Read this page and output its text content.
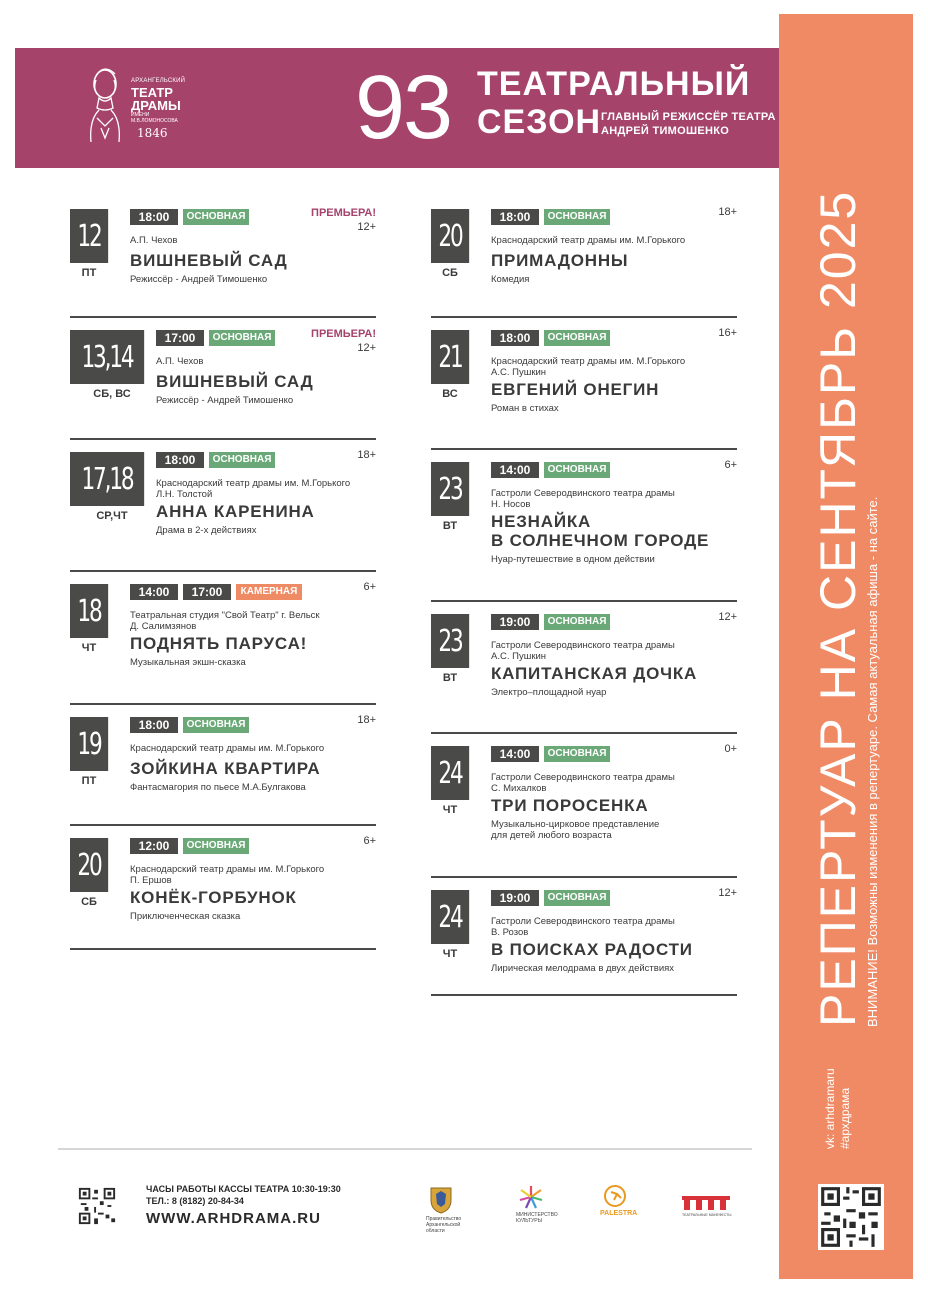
АРХАНГЕЛЬСКИЙ
ТЕАТР
ДРАМЫ
ИМЕНИ
М.В.ЛОМОНОСОВА
1846 93 ТЕАТРАЛЬНЫЙ
СЕЗОН ГЛАВНЫЙ РЕЖИССЁР ТЕАТРА
АНДРЕЙ ТИМОШЕНКО
vk: arhdramaru #архдрама
РЕПЕРТУАР НА СЕНТЯБРЬ 2025 ВНИМАНИЕ! Возможны изменения в репертуаре. Самая актуальная афиша - на сайте.
12
ПТ
18:00	ОСНОВНАЯ	ПРЕМЬЕРА!
12+
А.П. Чехов
ВИШНЕВЫЙ САД
Режиссёр - Андрей Тимошенко
13,14
СБ, ВС
17:00	ОСНОВНАЯ	ПРЕМЬЕРА!
12+
А.П. Чехов
ВИШНЕВЫЙ САД
Режиссёр - Андрей Тимошенко
17,18
СР,ЧТ
18:00	ОСНОВНАЯ	18+
Краснодарский театр драмы им. М.Горького
Л.Н. Толстой
АННА КАРЕНИНА
Драма в 2-х действиях
18
ЧТ
14:00	17:00	КАМЕРНАЯ	6+
Театральная студия "Свой Театр" г. Вельск
Д. Салимзянов
ПОДНЯТЬ ПАРУСА!
Музыкальная экшн-сказка
19
ПТ
18:00	ОСНОВНАЯ	18+
Краснодарский театр драмы им. М.Горького
ЗОЙКИНА КВАРТИРА
Фантасмагория по пьесе М.А.Булгакова
20
СБ
12:00	ОСНОВНАЯ	6+
Краснодарский театр драмы им. М.Горького
П. Ершов
КОНЁК-ГОРБУНОК
Приключенческая сказка
20
СБ
18:00	ОСНОВНАЯ	18+
Краснодарский театр драмы им. М.Горького
ПРИМАДОННЫ
Комедия
21
ВС
18:00	ОСНОВНАЯ	16+
Краснодарский театр драмы им. М.Горького
А.С. Пушкин
ЕВГЕНИЙ ОНЕГИН
Роман в стихах
23
ВТ
14:00	ОСНОВНАЯ	6+
Гастроли Северодвинского театра драмы
Н. Носов
НЕЗНАЙКА
В СОЛНЕЧНОМ ГОРОДЕ
Нуар-путешествие в одном действии
23
ВТ
19:00	ОСНОВНАЯ	12+
Гастроли Северодвинского театра драмы
А.С. Пушкин
КАПИТАНСКАЯ ДОЧКА
Электро–площадной нуар
24
ЧТ
14:00	ОСНОВНАЯ	0+
Гастроли Северодвинского театра драмы
С. Михалков
ТРИ ПОРОСЕНКА
Музыкально-цирковое представление
для детей любого возраста
24
ЧТ
19:00	ОСНОВНАЯ	12+
Гастроли Северодвинского театра драмы
В. Розов
В ПОИСКАХ РАДОСТИ
Лирическая мелодрама в двух действиях
ЧАСЫ РАБОТЫ КАССЫ ТЕАТРА 10:30-19:30
ТЕЛ.: 8 (8182) 20-84-34
WWW.ARHDRAMA.RU	Правительство
Архангельской области
МИНИСТЕРСТВО
КУЛЬТУРЫ
PALESTRA	ТЕАТРАЛЬНЫЕ МАНЕФЕСТЫ
